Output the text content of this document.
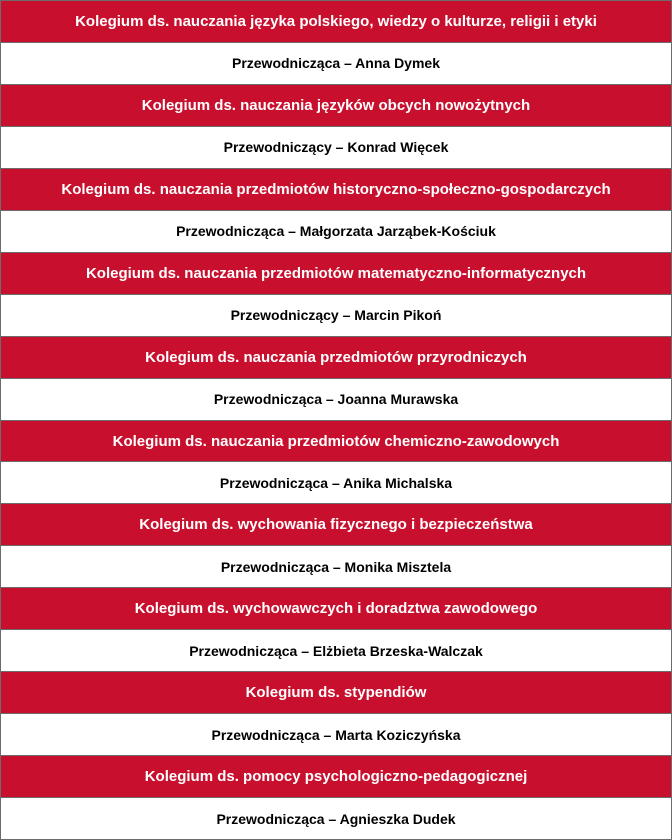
Kolegium ds. nauczania języka polskiego, wiedzy o kulturze, religii i etyki
Przewodnicząca – Anna Dymek
Kolegium ds. nauczania języków obcych nowożytnych
Przewodniczący – Konrad Więcek
Kolegium ds. nauczania przedmiotów historyczno-społeczno-gospodarczych
Przewodnicząca – Małgorzata Jarząbek-Kościuk
Kolegium ds. nauczania przedmiotów matematyczno-informatycznych
Przewodniczący – Marcin Pikoń
Kolegium ds. nauczania przedmiotów przyrodniczych
Przewodnicząca – Joanna Murawska
Kolegium ds. nauczania przedmiotów chemiczno-zawodowych
Przewodnicząca – Anika Michalska
Kolegium ds. wychowania fizycznego i bezpieczeństwa
Przewodnicząca – Monika Misztela
Kolegium ds. wychowawczych i doradztwa zawodowego
Przewodnicząca – Elżbieta Brzeska-Walczak
Kolegium ds. stypendiów
Przewodnicząca – Marta Koziczyńska
Kolegium ds. pomocy psychologiczno-pedagogicznej
Przewodnicząca – Agnieszka Dudek
